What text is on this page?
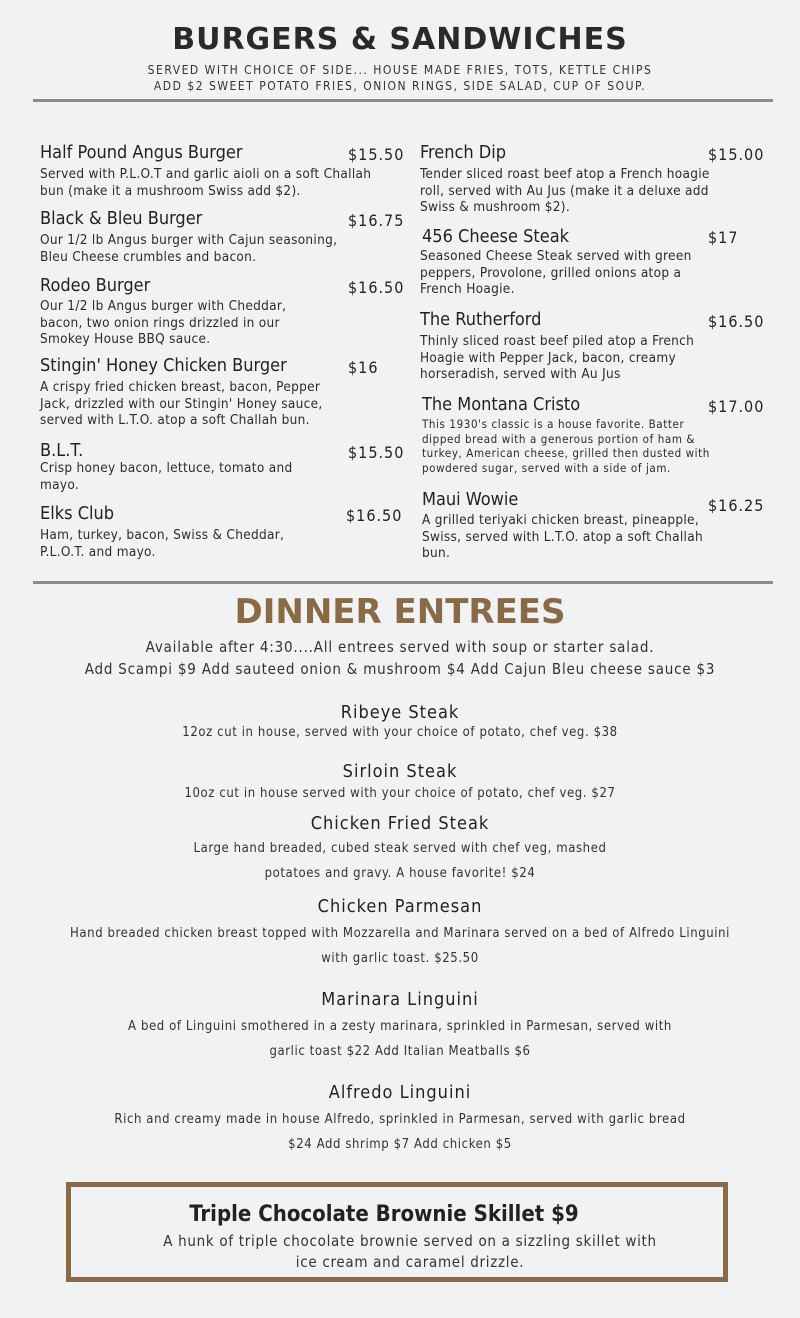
BURGERS & SANDWICHES
SERVED WITH CHOICE OF SIDE... HOUSE MADE FRIES, TOTS, KETTLE CHIPS
ADD $2 SWEET POTATO FRIES, ONION RINGS, SIDE SALAD, CUP OF SOUP.
Half Pound Angus Burger	$15.50
Served with P.L.O.T and garlic aioli on a soft Challah bun (make it a mushroom Swiss add $2).
Black & Bleu Burger	$16.75
Our 1/2 lb Angus burger with Cajun seasoning, Bleu Cheese crumbles and bacon.
Rodeo Burger	$16.50
Our 1/2 lb Angus burger with Cheddar, bacon, two onion rings drizzled in our Smokey House BBQ sauce.
Stingin' Honey Chicken Burger	$16
A crispy fried chicken breast, bacon, Pepper Jack, drizzled with our Stingin' Honey sauce, served with L.T.O. atop a soft Challah bun.
B.L.T.	$15.50
Crisp honey bacon, lettuce, tomato and mayo.
Elks Club	$16.50
Ham, turkey, bacon, Swiss & Cheddar, P.L.O.T. and mayo.
French Dip	$15.00
Tender sliced roast beef atop a French hoagie roll, served with Au Jus (make it a deluxe add Swiss & mushroom $2).
456 Cheese Steak	$17
Seasoned Cheese Steak served with green peppers, Provolone, grilled onions atop a French Hoagie.
The Rutherford	$16.50
Thinly sliced roast beef piled atop a French Hoagie with Pepper Jack, bacon, creamy horseradish, served with Au Jus
The Montana Cristo	$17.00
This 1930's classic is a house favorite. Batter dipped bread with a generous portion of ham & turkey, American cheese, grilled then dusted with powdered sugar, served with a side of jam.
Maui Wowie	$16.25
A grilled teriyaki chicken breast, pineapple, Swiss, served with L.T.O. atop a soft Challah bun.
DINNER ENTREES
Available after 4:30....All entrees served with soup or starter salad.
Add Scampi $9 Add sauteed onion & mushroom $4 Add Cajun Bleu cheese sauce $3
Ribeye Steak
12oz cut in house, served with your choice of potato, chef veg. $38
Sirloin Steak
10oz cut in house served with your choice of potato, chef veg. $27
Chicken Fried Steak
Large hand breaded, cubed steak served with chef veg, mashed
potatoes and gravy. A house favorite! $24
Chicken Parmesan
Hand breaded chicken breast topped with Mozzarella and Marinara served on a bed of Alfredo Linguini
with garlic toast. $25.50
Marinara Linguini
A bed of Linguini smothered in a zesty marinara, sprinkled in Parmesan, served with
garlic toast $22 Add Italian Meatballs $6
Alfredo Linguini
Rich and creamy made in house Alfredo, sprinkled in Parmesan, served with garlic bread
$24 Add shrimp $7 Add chicken $5
Triple Chocolate Brownie Skillet $9
A hunk of triple chocolate brownie served on a sizzling skillet with
ice cream and caramel drizzle.
